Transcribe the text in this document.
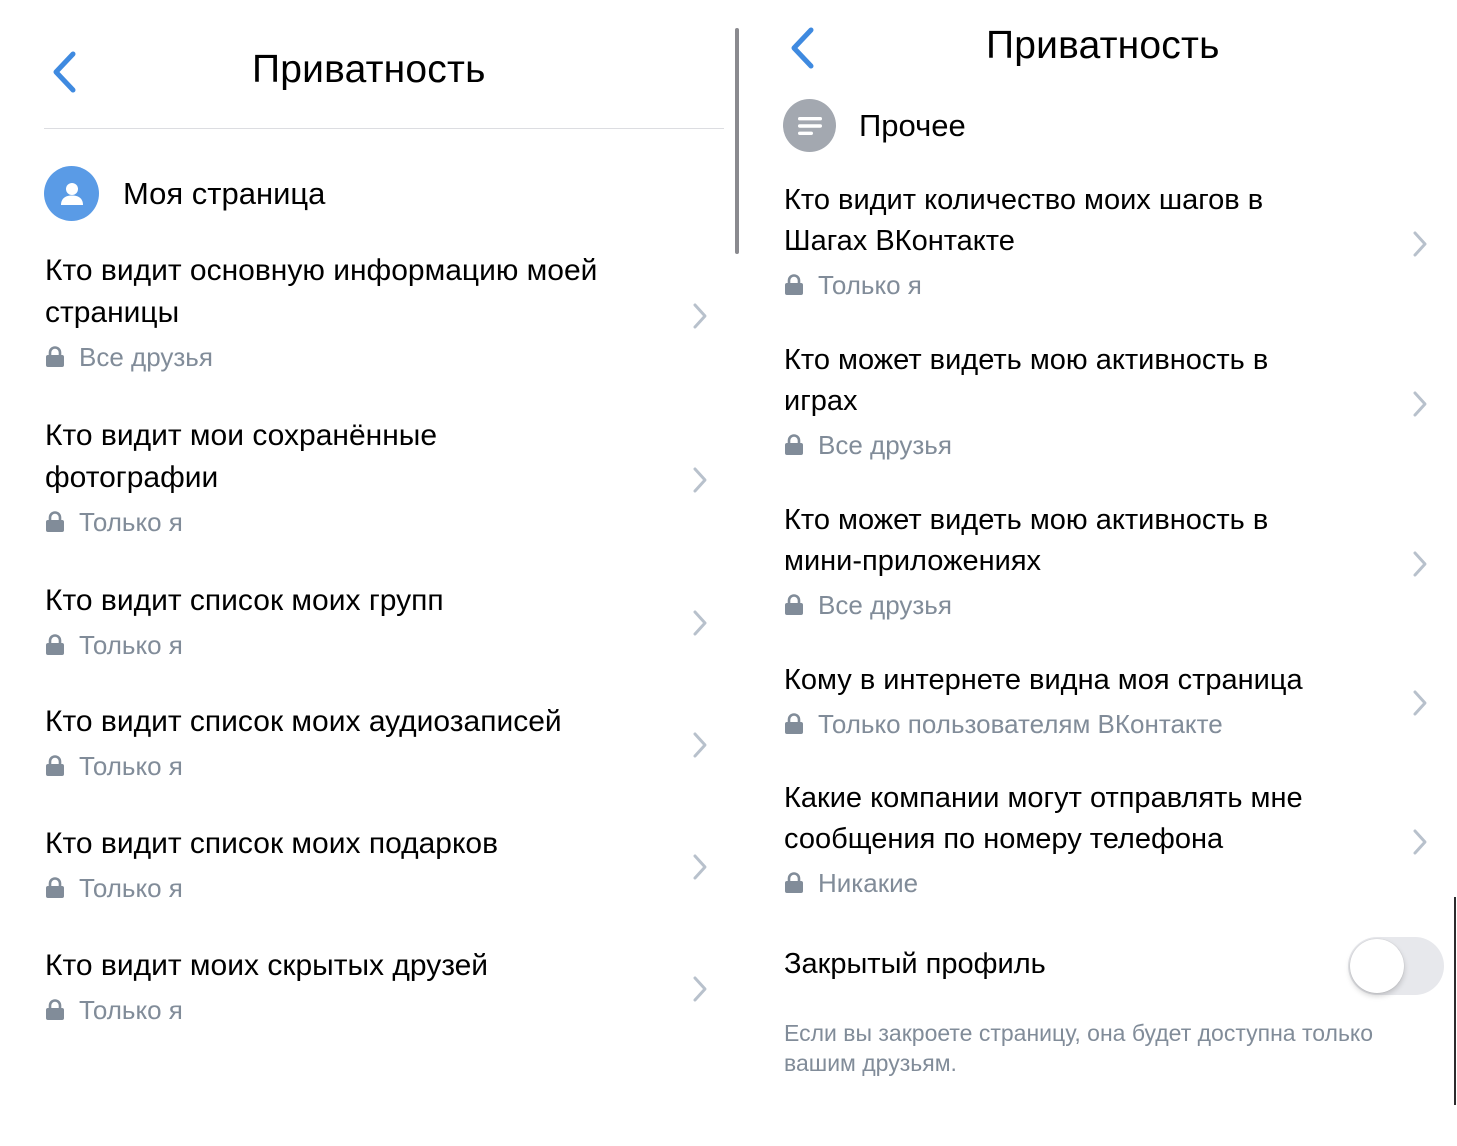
Приватность
Моя страница
Кто видит основную информацию моей страницы
Все друзья
Кто видит мои сохранённые фотографии
Только я
Кто видит список моих групп
Только я
Кто видит список моих аудиозаписей
Только я
Кто видит список моих подарков
Только я
Кто видит моих скрытых друзей
Только я
Приватность
Прочее
Кто видит количество моих шагов в Шагах ВКонтакте
Только я
Кто может видеть мою активность в играх
Все друзья
Кто может видеть мою активность в мини-приложениях
Все друзья
Кому в интернете видна моя страница
Только пользователям ВКонтакте
Какие компании могут отправлять мне сообщения по номеру телефона
Никакие
Закрытый профиль
Если вы закроете страницу, она будет доступна только вашим друзьям.
